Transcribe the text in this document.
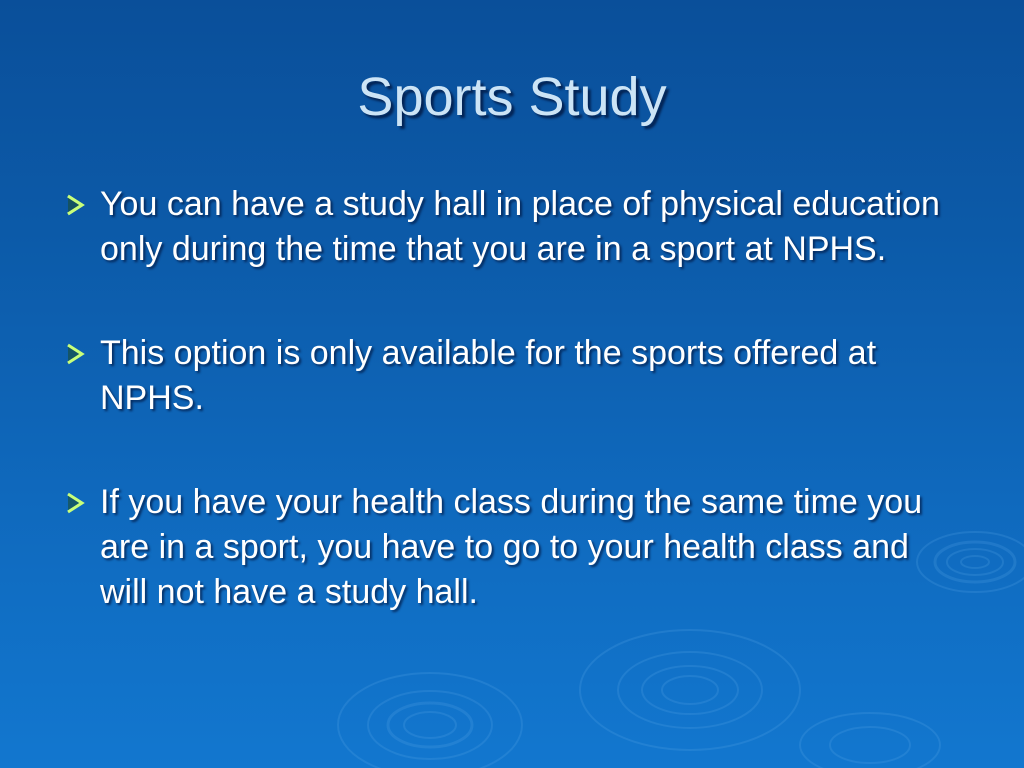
Sports Study
You can have a study hall in place of physical education only during the time that you are in a sport at NPHS.
This option is only available for the sports offered at NPHS.
If you have your health class during the same time you are in a sport, you have to go to your health class and will not have a study hall.
